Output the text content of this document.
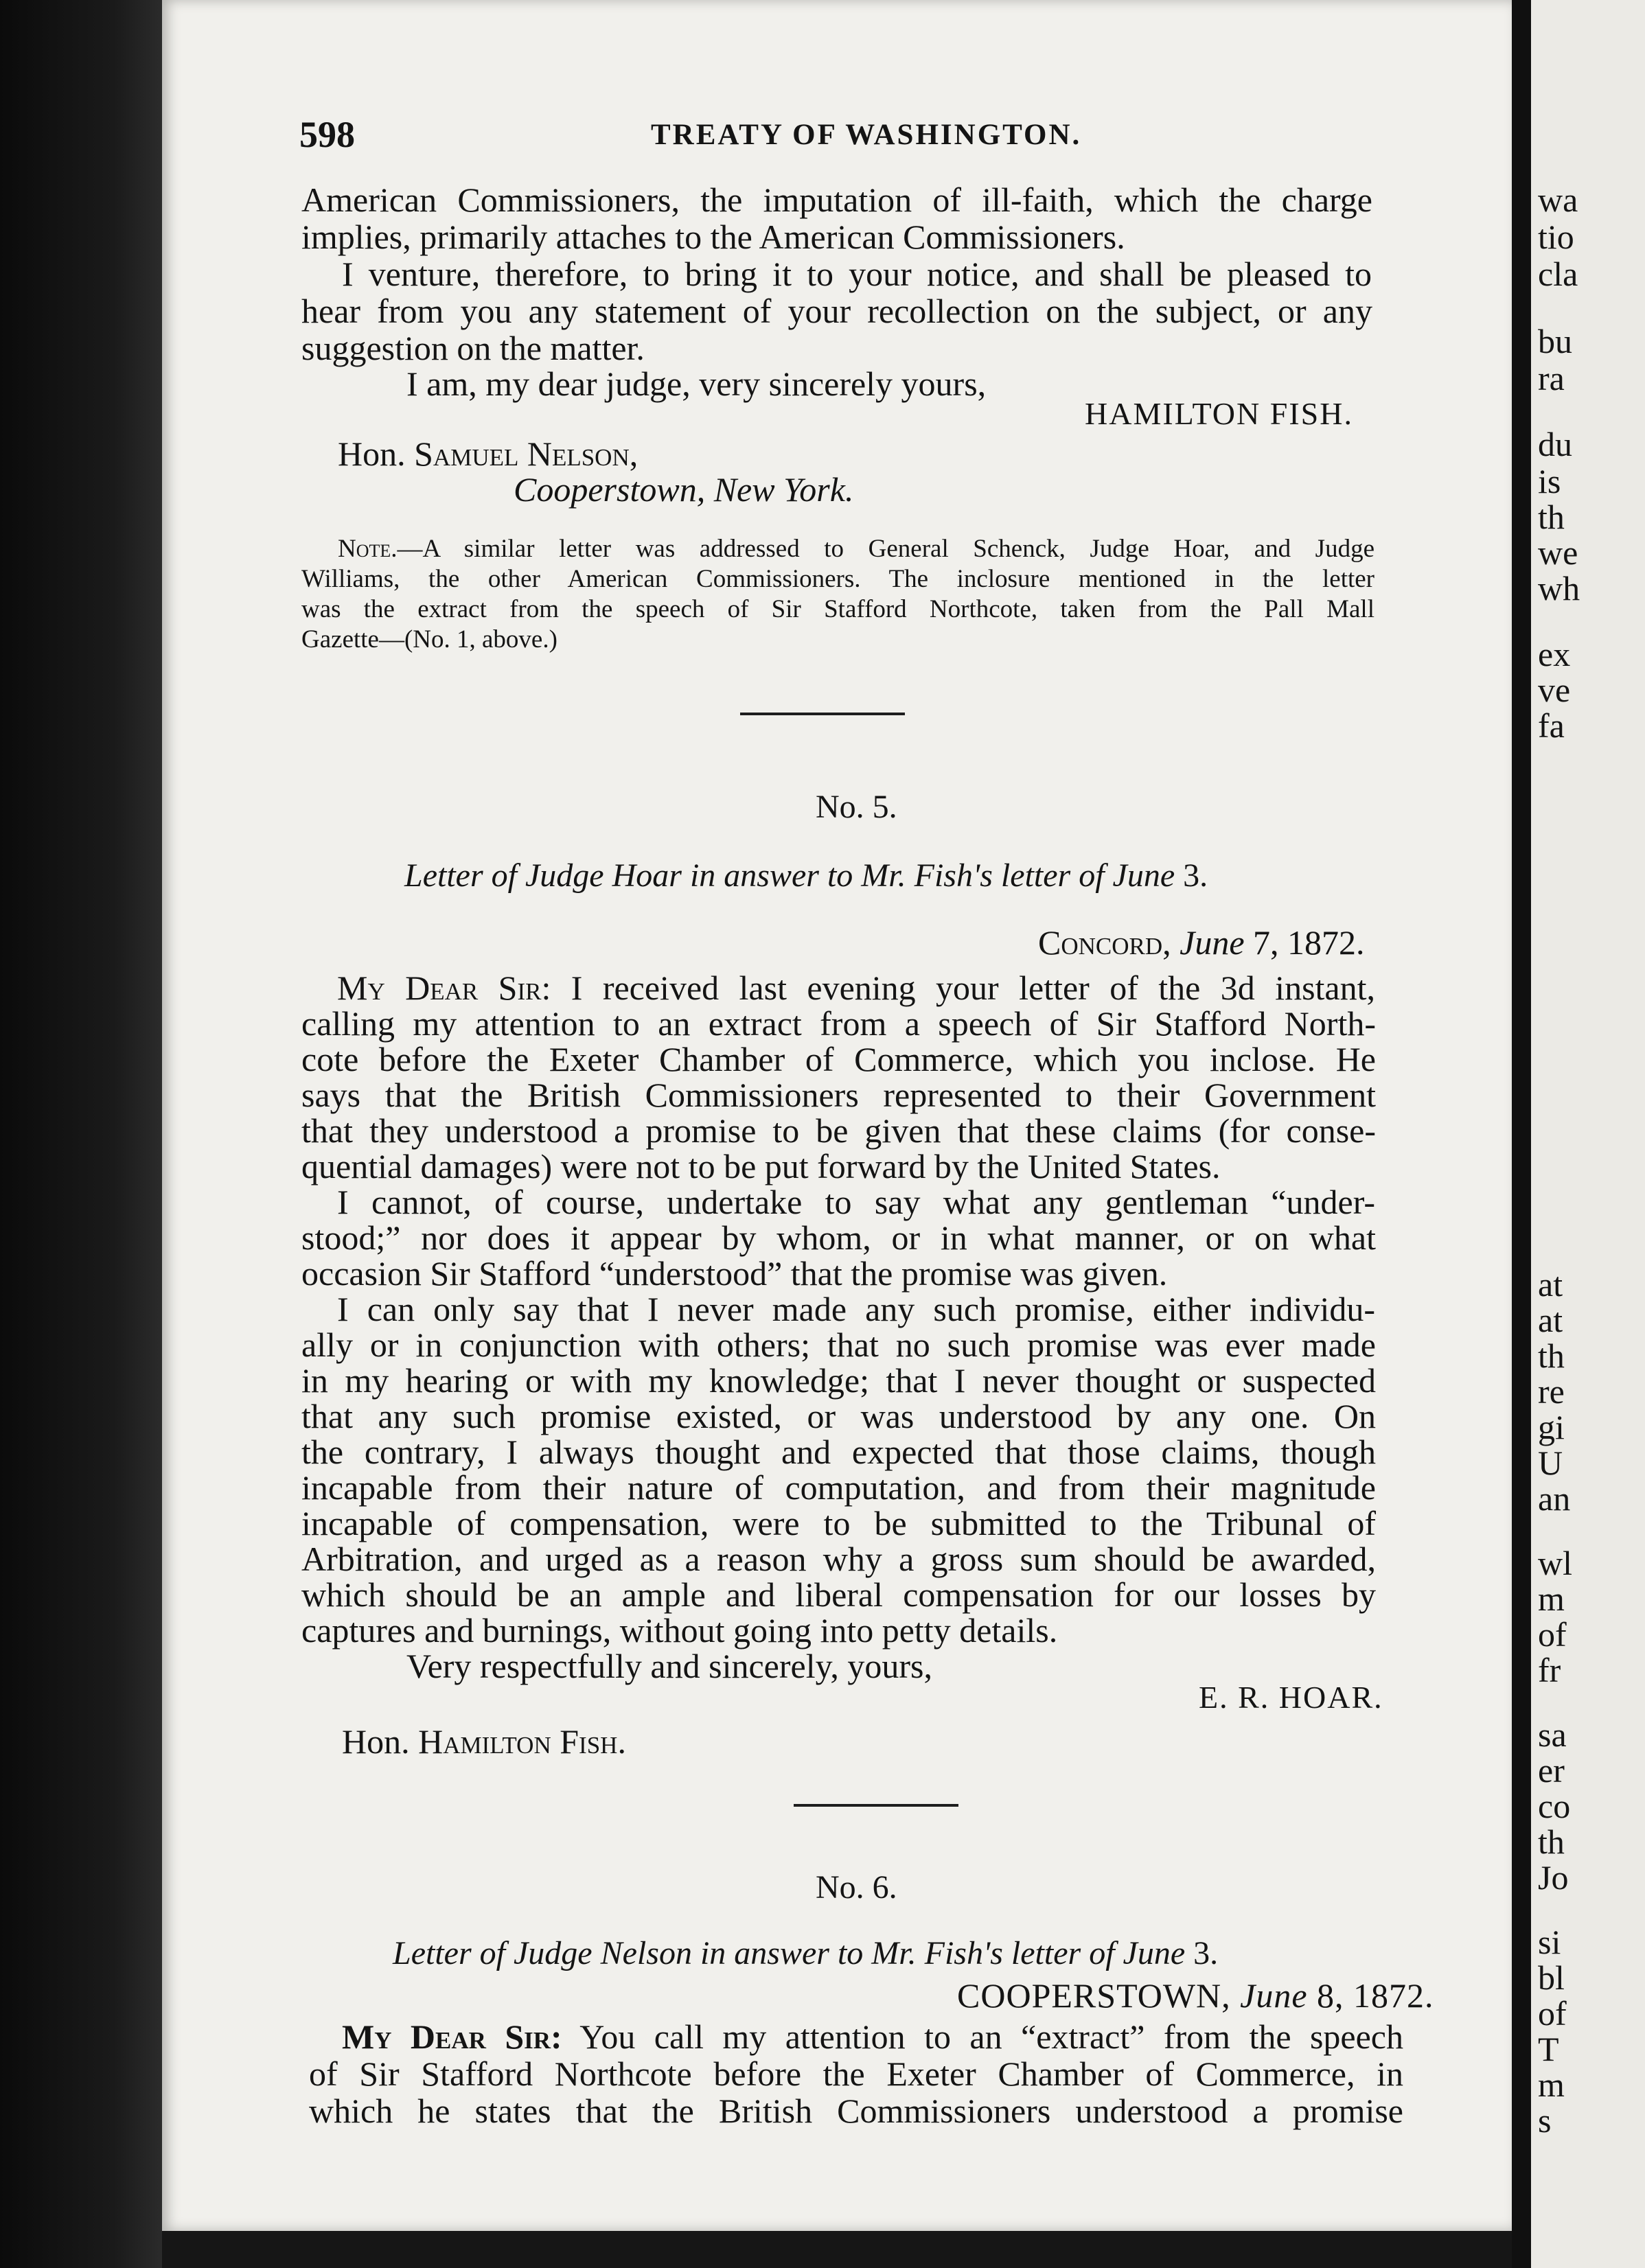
598	TREATY OF WASHINGTON.
American Commissioners, the imputation of ill-faith, which the charge
implies, primarily attaches to the American Commissioners.
I venture, therefore, to bring it to your notice, and shall be pleased to
hear from you any statement of your recollection on the subject, or any
suggestion on the matter.
I am, my dear judge, very sincerely yours,
HAMILTON FISH.
Hon. Samuel Nelson,
Cooperstown, New York.
Note.—A similar letter was addressed to General Schenck, Judge Hoar, and Judge
Williams, the other American Commissioners. The inclosure mentioned in the letter
was the extract from the speech of Sir Stafford Northcote, taken from the Pall Mall
Gazette—(No. 1, above.)
No. 5.
Letter of Judge Hoar in answer to Mr. Fish's letter of June 3.
Concord, June 7, 1872.
My Dear Sir: I received last evening your letter of the 3d instant,
calling my attention to an extract from a speech of Sir Stafford North-
cote before the Exeter Chamber of Commerce, which you inclose. He
says that the British Commissioners represented to their Government
that they understood a promise to be given that these claims (for conse-
quential damages) were not to be put forward by the United States.
I cannot, of course, undertake to say what any gentleman “under-
stood;” nor does it appear by whom, or in what manner, or on what
occasion Sir Stafford “understood” that the promise was given.
I can only say that I never made any such promise, either individu-
ally or in conjunction with others; that no such promise was ever made
in my hearing or with my knowledge; that I never thought or suspected
that any such promise existed, or was understood by any one. On
the contrary, I always thought and expected that those claims, though
incapable from their nature of computation, and from their magnitude
incapable of compensation, were to be submitted to the Tribunal of
Arbitration, and urged as a reason why a gross sum should be awarded,
which should be an ample and liberal compensation for our losses by
captures and burnings, without going into petty details.
Very respectfully and sincerely, yours,
E. R. HOAR.
Hon. Hamilton Fish.
No. 6.
Letter of Judge Nelson in answer to Mr. Fish's letter of June 3.
COOPERSTOWN, June 8, 1872.
My Dear Sir: You call my attention to an “extract” from the speech
of Sir Stafford Northcote before the Exeter Chamber of Commerce, in
which he states that the British Commissioners understood a promise
wa
tio
cla
bu
ra
du
is
th
we
wh
ex
ve
fa
at
at
th
re
gi
U
an
wl
m
of
fr
sa
er
co
th
Jo
si
bl
of
T
m
s
